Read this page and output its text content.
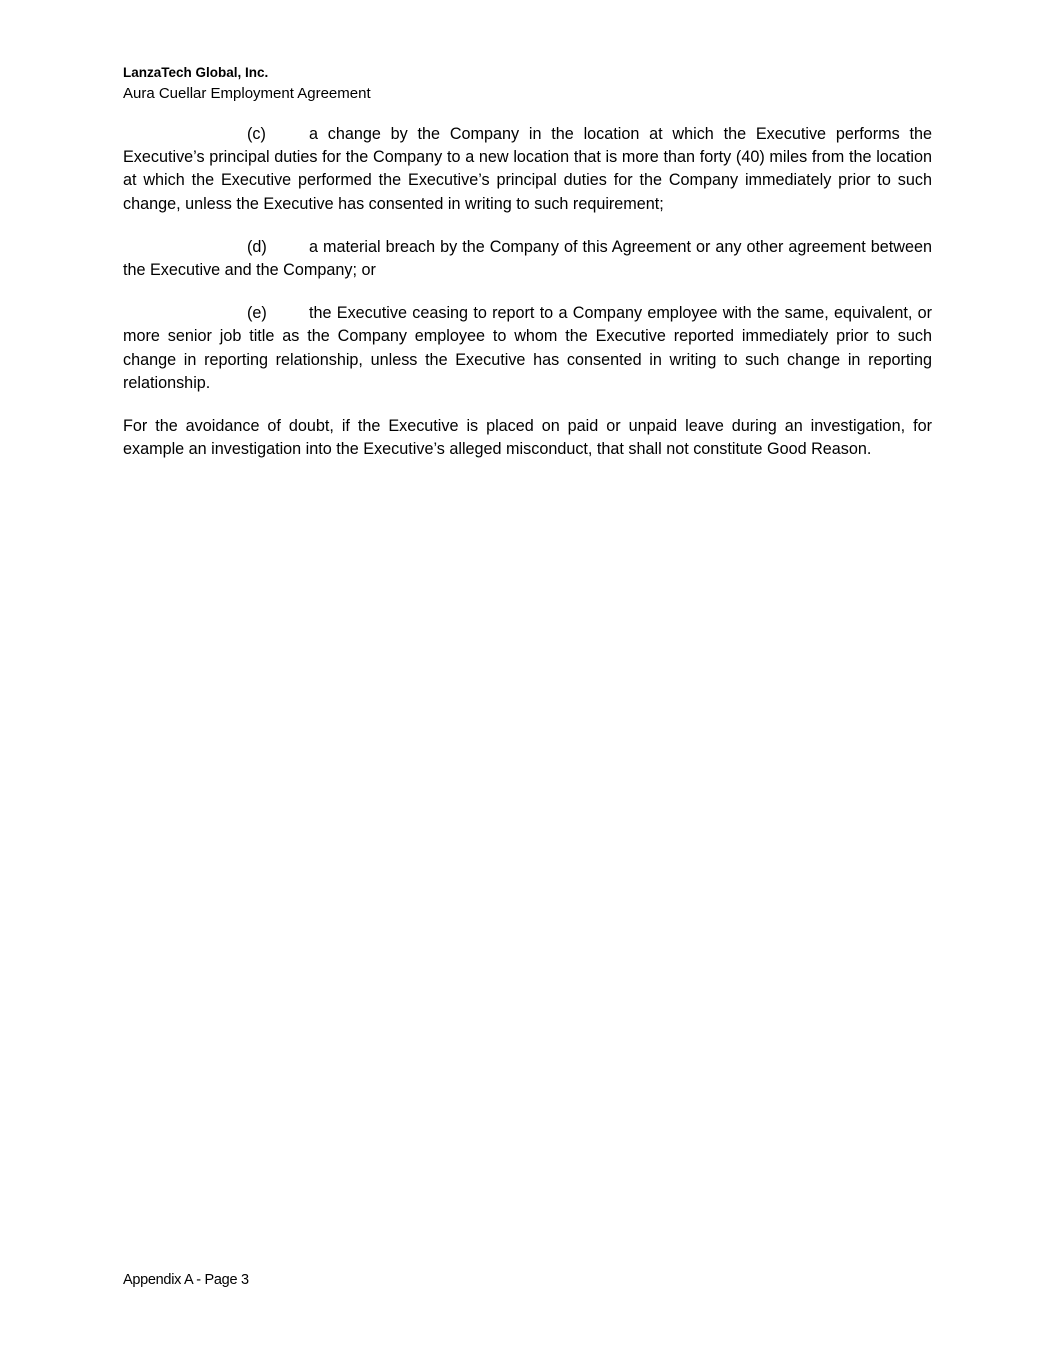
LanzaTech Global, Inc.

Aura Cuellar Employment Agreement

(c)	a change by the Company in the location at which the Executive performs the Executive’s principal duties for the Company to a new location that is more than forty (40) miles from the location at which the Executive performed the Executive’s principal duties for the Company immediately prior to such change, unless the Executive has consented in writing to such requirement;

(d)	a material breach by the Company of this Agreement or any other agreement between the Executive and the Company; or

(e)	the Executive ceasing to report to a Company employee with the same, equivalent, or more senior job title as the Company employee to whom the Executive reported immediately prior to such change in reporting relationship, unless the Executive has consented in writing to such change in reporting relationship.

For the avoidance of doubt, if the Executive is placed on paid or unpaid leave during an investigation, for example an investigation into the Executive’s alleged misconduct, that shall not constitute Good Reason.

Appendix A - Page 3
